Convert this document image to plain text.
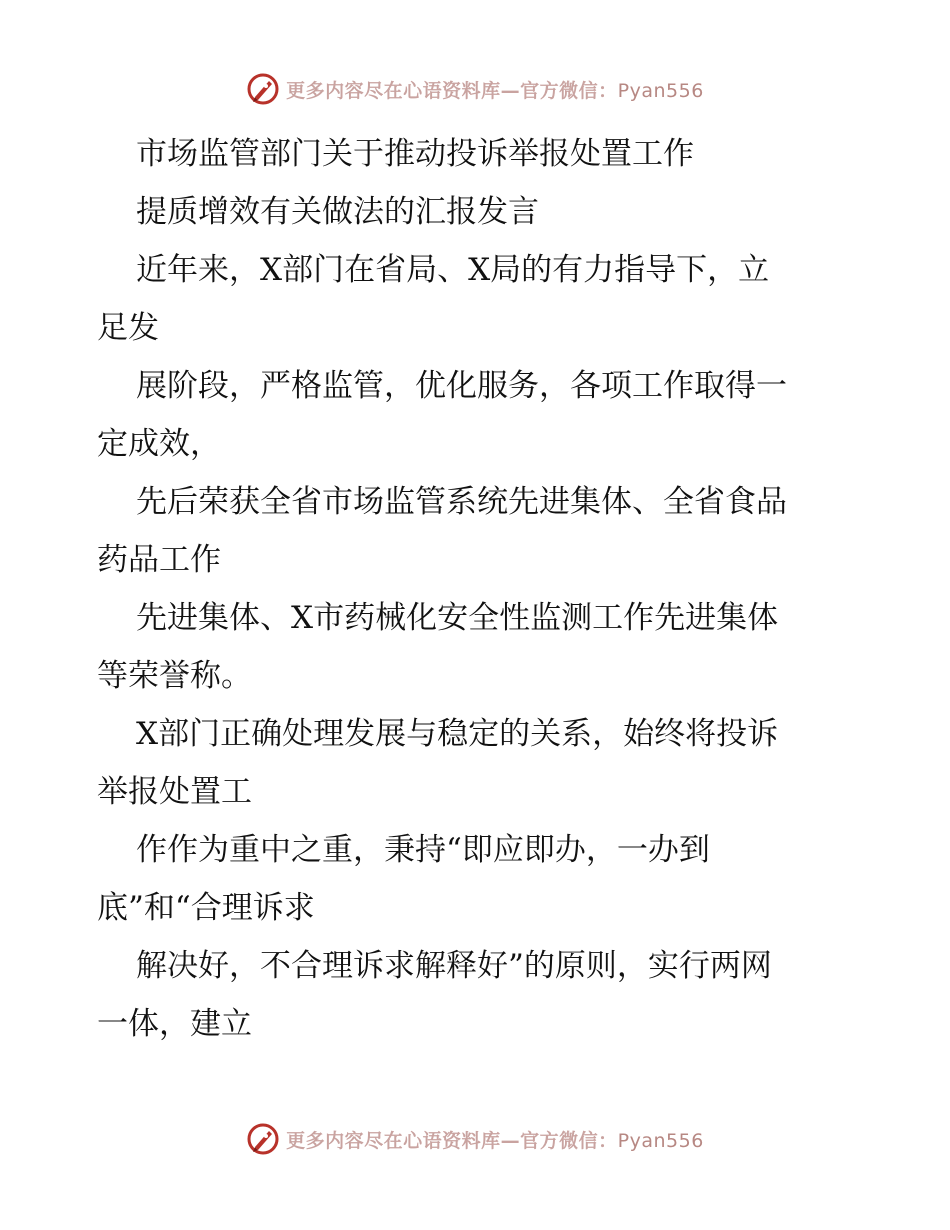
更多内容尽在心语资料库—官方微信：Pyan556
市场监管部门关于推动投诉举报处置工作
提质增效有关做法的汇报发言
近年来，X部门在省局、X局的有力指导下，立
足发
展阶段，严格监管，优化服务，各项工作取得一
定成效，
先后荣获全省市场监管系统先进集体、全省食品
药品工作
先进集体、X市药械化安全性监测工作先进集体
等荣誉称。
X部门正确处理发展与稳定的关系，始终将投诉
举报处置工
作作为重中之重，秉持“即应即办，一办到
底”和“合理诉求
解决好，不合理诉求解释好”的原则，实行两网
一体，建立
更多内容尽在心语资料库—官方微信：Pyan556
